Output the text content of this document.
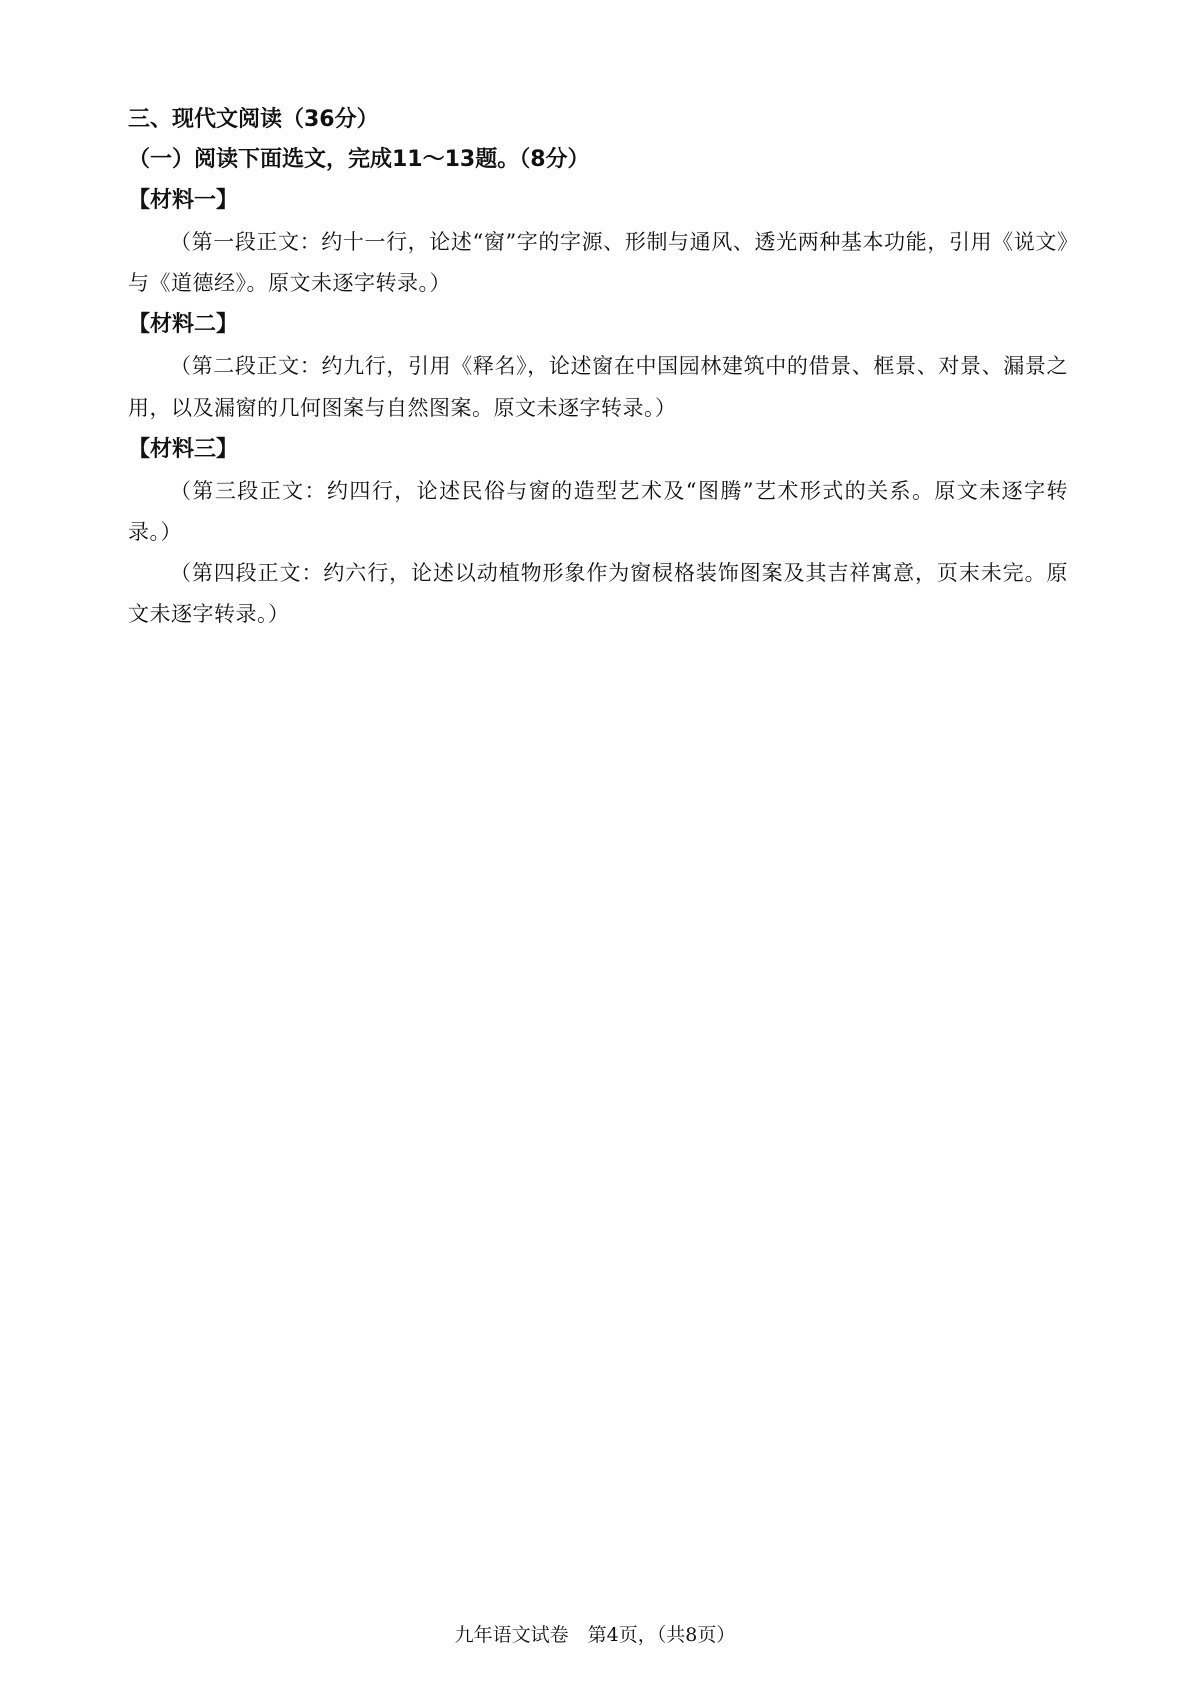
三、现代文阅读（36分）
（一）阅读下面选文，完成11～13题。（8分）
【材料一】

（第一段正文：约十一行，论述“窗”字的字源、形制与通风、透光两种基本功能，引用《说文》与《道德经》。原文未逐字转录。）

【材料二】

（第二段正文：约九行，引用《释名》，论述窗在中国园林建筑中的借景、框景、对景、漏景之用，以及漏窗的几何图案与自然图案。原文未逐字转录。）

【材料三】

（第三段正文：约四行，论述民俗与窗的造型艺术及“图腾”艺术形式的关系。原文未逐字转录。）

（第四段正文：约六行，论述以动植物形象作为窗棂格装饰图案及其吉祥寓意，页末未完。原文未逐字转录。）

九年语文试卷　第4页，（共8页）
